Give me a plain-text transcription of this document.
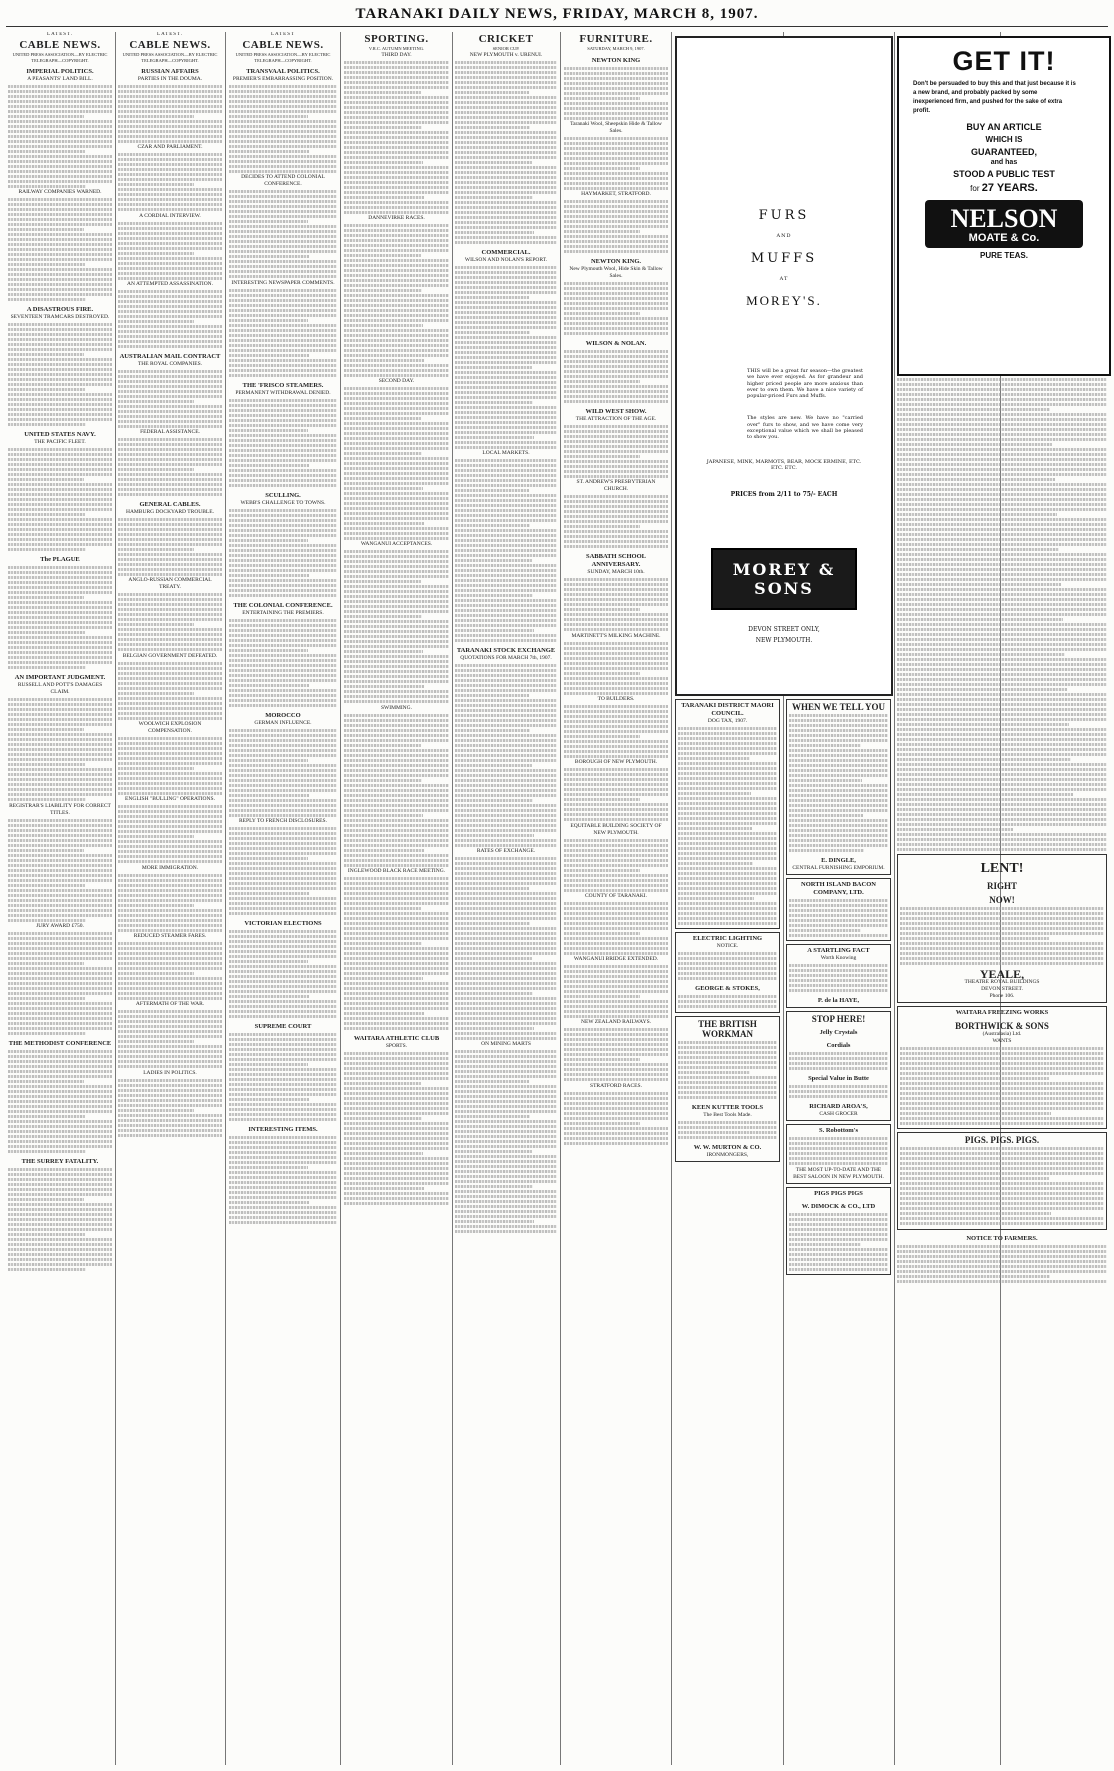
TARANAKI DAILY NEWS, FRIDAY, MARCH 8, 1907.
LATEST.
CABLE NEWS.
UNITED PRESS ASSOCIATION—BY ELECTRIC TELEGRAPH—COPYRIGHT.
IMPERIAL POLITICS.
A PEASANTS' LAND BILL.
RAILWAY COMPANIES WARNED.
A DISASTROUS FIRE.
SEVENTEEN TRAMCARS DESTROYED.
UNITED STATES NAVY.
THE PACIFIC FLEET.
The PLAGUE
AN IMPORTANT JUDGMENT.
RUSSELL AND POTT'S DAMAGES CLAIM.
REGISTRAR'S LIABILITY FOR CORRECT TITLES.
JURY AWARD £750.
THE METHODIST CONFERENCE
THE SURREY FATALITY.
LATEST.
CABLE NEWS.
UNITED PRESS ASSOCIATION—BY ELECTRIC TELEGRAPH—COPYRIGHT.
RUSSIAN AFFAIRS
PARTIES IN THE DOUMA.
CZAR AND PARLIAMENT.
A CORDIAL INTERVIEW.
AN ATTEMPTED ASSASSINATION.
AUSTRALIAN MAIL CONTRACT
THE ROYAL COMPANIES.
FEDERAL ASSISTANCE.
GENERAL CABLES.
HAMBURG DOCKYARD TROUBLE.
ANGLO-RUSSIAN COMMERCIAL TREATY.
BELGIAN GOVERNMENT DEFEATED.
WOOLWICH EXPLOSION COMPENSATION.
ENGLISH "BULLING" OPERATIONS.
MORE IMMIGRATION.
REDUCED STEAMER FARES.
AFTERMATH OF THE WAR.
LADIES IN POLITICS.
LATEST
CABLE NEWS.
UNITED PRESS ASSOCIATION—BY ELECTRIC TELEGRAPH—COPYRIGHT.
TRANSVAAL POLITICS.
PREMIER'S EMBARRASSING POSITION.
DECIDES TO ATTEND COLONIAL CONFERENCE.
INTERESTING NEWSPAPER COMMENTS.
THE 'FRISCO STEAMERS.
PERMANENT WITHDRAWAL DENIED.
SCULLING.
WEBB'S CHALLENGE TO TOWNS.
THE COLONIAL CONFERENCE.
ENTERTAINING THE PREMIERS.
MOROCCO
GERMAN INFLUENCE.
REPLY TO FRENCH DISCLOSURES.
VICTORIAN ELECTIONS
SUPREME COURT
INTERESTING ITEMS.
SPORTING.
V.R.C. AUTUMN MEETING.
THIRD DAY.
DANNEVIRKE RACES.
SECOND DAY.
WANGANUI ACCEPTANCES.
SWIMMING.
INGLEWOOD BLACK RACE MEETING.
WAITARA ATHLETIC CLUB
SPORTS.
CRICKET
SENIOR CUP.
NEW PLYMOUTH v. URENUI.
COMMERCIAL.
WILSON AND NOLAN'S REPORT.
LOCAL MARKETS.
TARANAKI STOCK EXCHANGE
QUOTATIONS FOR MARCH 7th, 1907.
RATES OF EXCHANGE.
ON MINING MARTS
FURNITURE.
SATURDAY, MARCH 9, 1907.
NEWTON KING
Taranaki Wool, Sheepskin Hide & Tallow Sales.
HAYMARKET, STRATFORD.
NEWTON KING.
New Plymouth Wool, Hide Skin & Tallow Sales.
WILSON & NOLAN.
WILD WEST SHOW.
THE ATTRACTION OF THE AGE.
ST. ANDREW'S PRESBYTERIAN CHURCH.
SABBATH SCHOOL ANNIVERSARY.
SUNDAY, MARCH 10th.
MARTINETT'S MILKING MACHINE.
TO BUILDERS.
BOROUGH OF NEW PLYMOUTH.
EQUITABLE BUILDING SOCIETY OF NEW PLYMOUTH.
COUNTY OF TARANAKI.
WANGANUI BRIDGE EXTENDED.
NEW ZEALAND RAILWAYS.
STRATFORD RACES.
FURS
AND
MUFFS
AT
MOREY'S.
THIS will be a great fur season—the greatest we have ever enjoyed. As for grandeur and higher priced people are more anxious than ever to own them. We have a nice variety of popular-priced Furs and Muffs.
The styles are new. We have no "carried over" furs to show, and we have come very exceptional value which we shall be pleased to show you.
JAPANESE, MINK, MARMOTS, BEAR, MOCK ERMINE, ETC. ETC. ETC.
PRICES from 2/11 to 75/- EACH
MOREY & SONS
DEVON STREET ONLY,
NEW PLYMOUTH.
GET IT!
Don't be persuaded to buy this and that just because it is a new brand, and probably packed by some inexperienced firm, and pushed for the sake of extra profit.
BUY AN ARTICLE
WHICH IS
GUARANTEED,
and has
STOOD A PUBLIC TEST
for 27 YEARS.
NELSON
MOATE & Co.
PURE TEAS.
LENT!
RIGHT
NOW!
YEALE,
THEATRE ROYAL BUILDINGS
DEVON STREET.
Phone 106.
WAITARA FREEZING WORKS
BORTHWICK & SONS
(Australasia) Ltd.
WANTS
PIGS. PIGS. PIGS.
NOTICE TO FARMERS.
TARANAKI DISTRICT MAORI COUNCIL.
DOG TAX, 1907.
ELECTRIC LIGHTING
NOTICE.
GEORGE & STOKES,
THE BRITISH WORKMAN
KEEN KUTTER TOOLS
The Best Tools Made.
W. W. MURTON & CO.
IRONMONGERS,
WHEN WE TELL YOU
E. DINGLE,
CENTRAL FURNISHING EMPORIUM.
NORTH ISLAND BACON COMPANY, LTD.
A STARTLING FACT
Worth Knowing
P. de la HAYE,
STOP HERE!
Jelly Crystals
Cordials
Special Value in Butte
RICHARD AROA'S,
CASH GROCER
S. Robottom's
THE MOST UP-TO-DATE AND THE BEST SALOON IN NEW PLYMOUTH.
PIGS PIGS PIGS
W. DIMOCK & CO., LTD
